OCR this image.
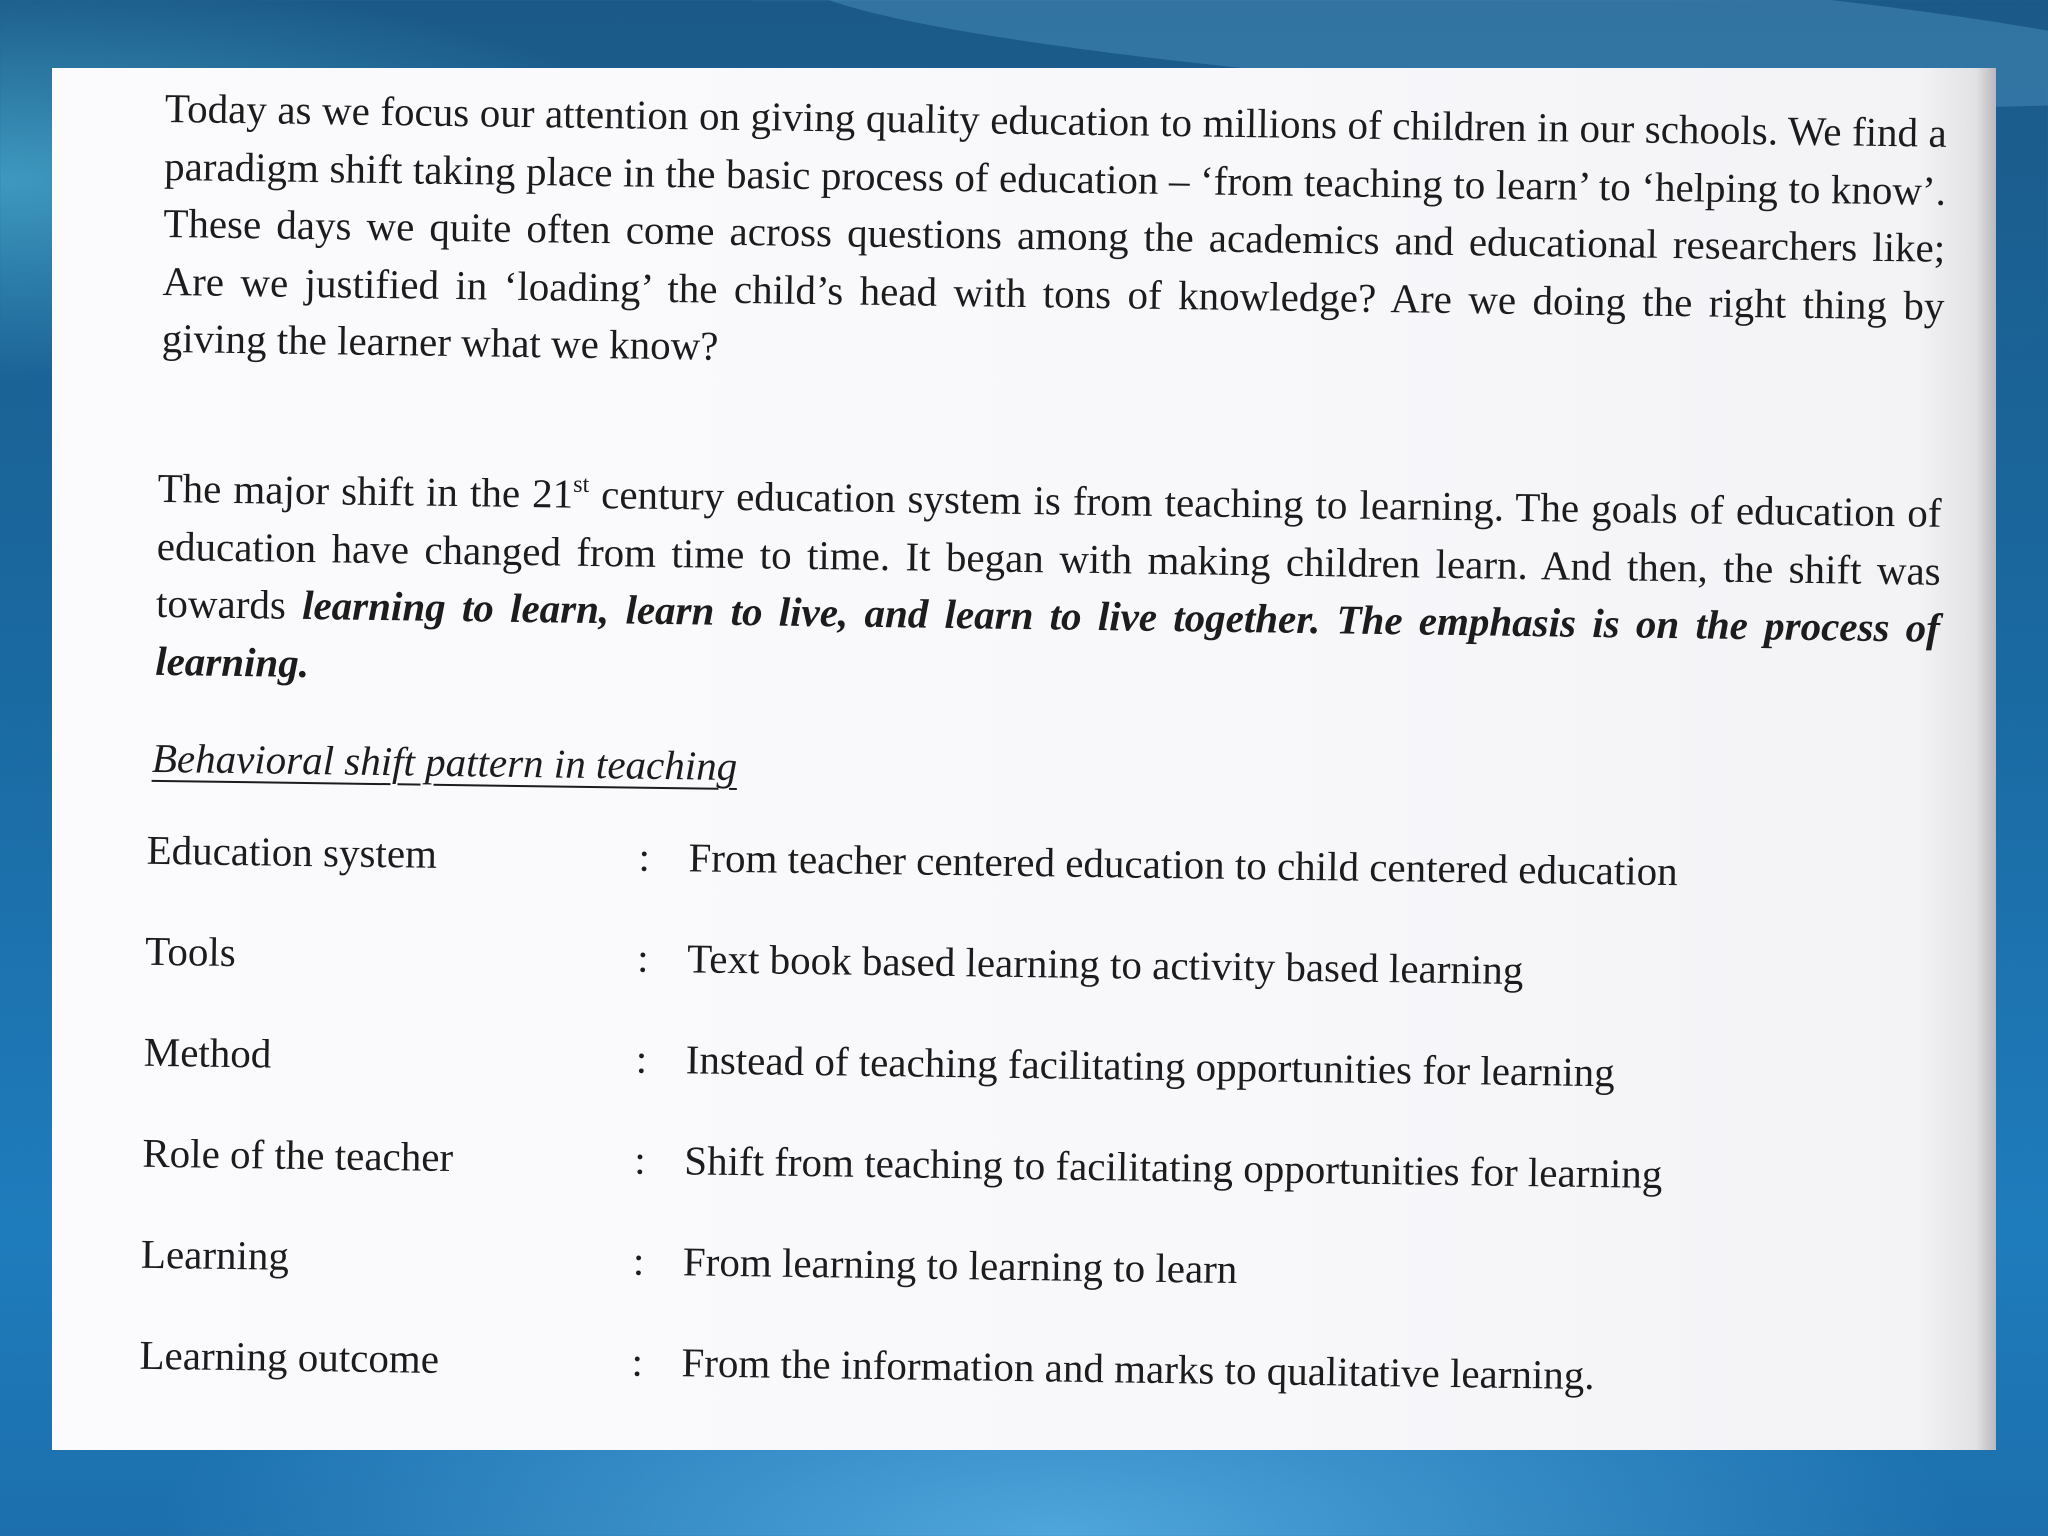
Today as we focus our attention on giving quality education to millions of children in our schools. We find a paradigm shift taking place in the basic process of education – ‘from teaching to learn’ to ‘helping to know’. These days we quite often come across questions among the academics and educational researchers like; Are we justified in ‘loading’ the child’s head with tons of knowledge? Are we doing the right thing by giving the learner what we know?

The major shift in the 21st century education system is from teaching to learning. The goals of education of education have changed from time to time. It began with making children learn. And then, the shift was towards learning to learn, learn to live, and learn to live together. The emphasis is on the process of learning.

Behavioral shift pattern in teaching

Education system	: From teacher centered education to child centered education
Tools	: Text book based learning to activity based learning
Method	: Instead of teaching facilitating opportunities for learning
Role of the teacher	: Shift from teaching to facilitating opportunities for learning
Learning	: From learning to learning to learn
Learning outcome	: From the information and marks to qualitative learning.
